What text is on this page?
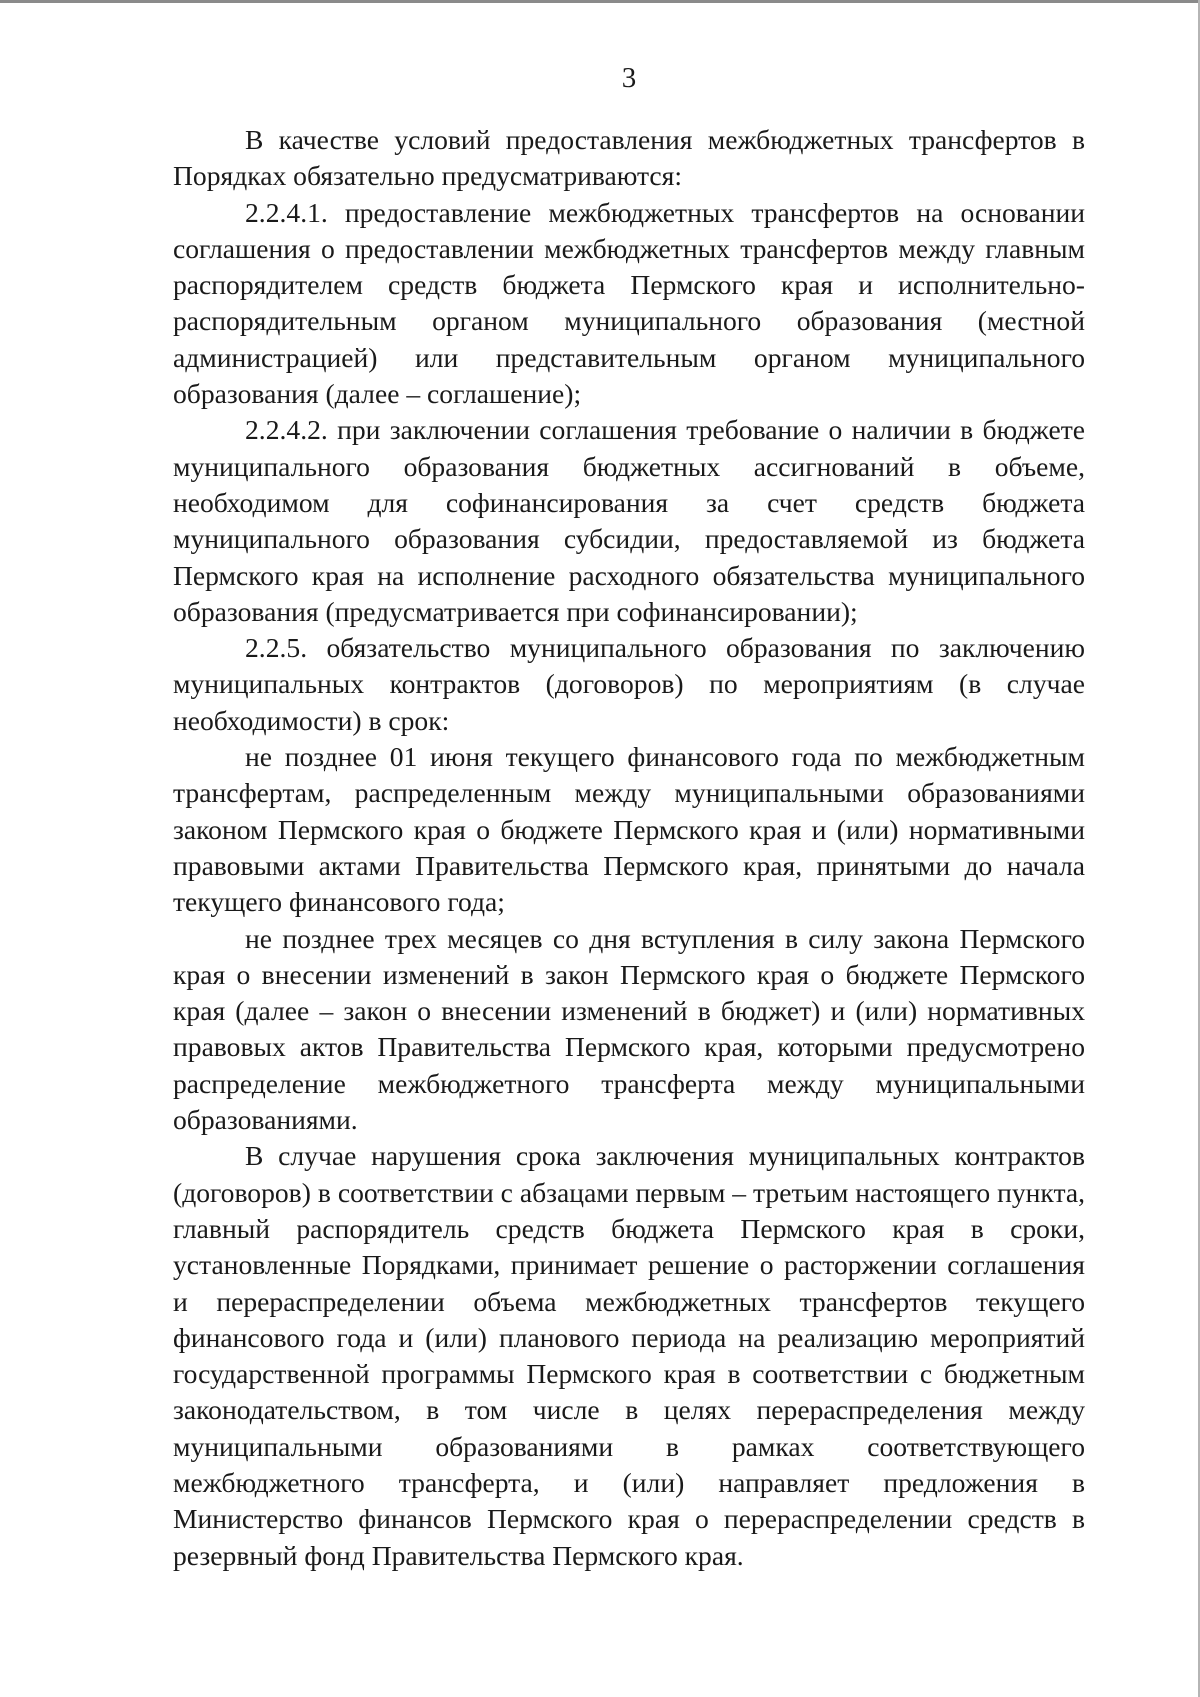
3

В качестве условий предоставления межбюджетных трансфертов в Порядках обязательно предусматриваются:

2.2.4.1. предоставление межбюджетных трансфертов на основании соглашения о предоставлении межбюджетных трансфертов между главным распорядителем средств бюджета Пермского края и исполнительно-распорядительным органом муниципального образования (местной администрацией) или представительным органом муниципального образования (далее – соглашение);

2.2.4.2. при заключении соглашения требование о наличии в бюджете муниципального образования бюджетных ассигнований в объеме, необходимом для софинансирования за счет средств бюджета муниципального образования субсидии, предоставляемой из бюджета Пермского края на исполнение расходного обязательства муниципального образования (предусматривается при софинансировании);

2.2.5. обязательство муниципального образования по заключению муниципальных контрактов (договоров) по мероприятиям (в случае необходимости) в срок:

не позднее 01 июня текущего финансового года по межбюджетным трансфертам, распределенным между муниципальными образованиями законом Пермского края о бюджете Пермского края и (или) нормативными правовыми актами Правительства Пермского края, принятыми до начала текущего финансового года;

не позднее трех месяцев со дня вступления в силу закона Пермского края о внесении изменений в закон Пермского края о бюджете Пермского края (далее – закон о внесении изменений в бюджет) и (или) нормативных правовых актов Правительства Пермского края, которыми предусмотрено распределение межбюджетного трансферта между муниципальными образованиями.

В случае нарушения срока заключения муниципальных контрактов (договоров) в соответствии с абзацами первым – третьим настоящего пункта, главный распорядитель средств бюджета Пермского края в сроки, установленные Порядками, принимает решение о расторжении соглашения и перераспределении объема межбюджетных трансфертов текущего финансового года и (или) планового периода на реализацию мероприятий государственной программы Пермского края в соответствии с бюджетным законодательством, в том числе в целях перераспределения между муниципальными образованиями в рамках соответствующего межбюджетного трансферта, и (или) направляет предложения в Министерство финансов Пермского края о перераспределении средств в резервный фонд Правительства Пермского края.
